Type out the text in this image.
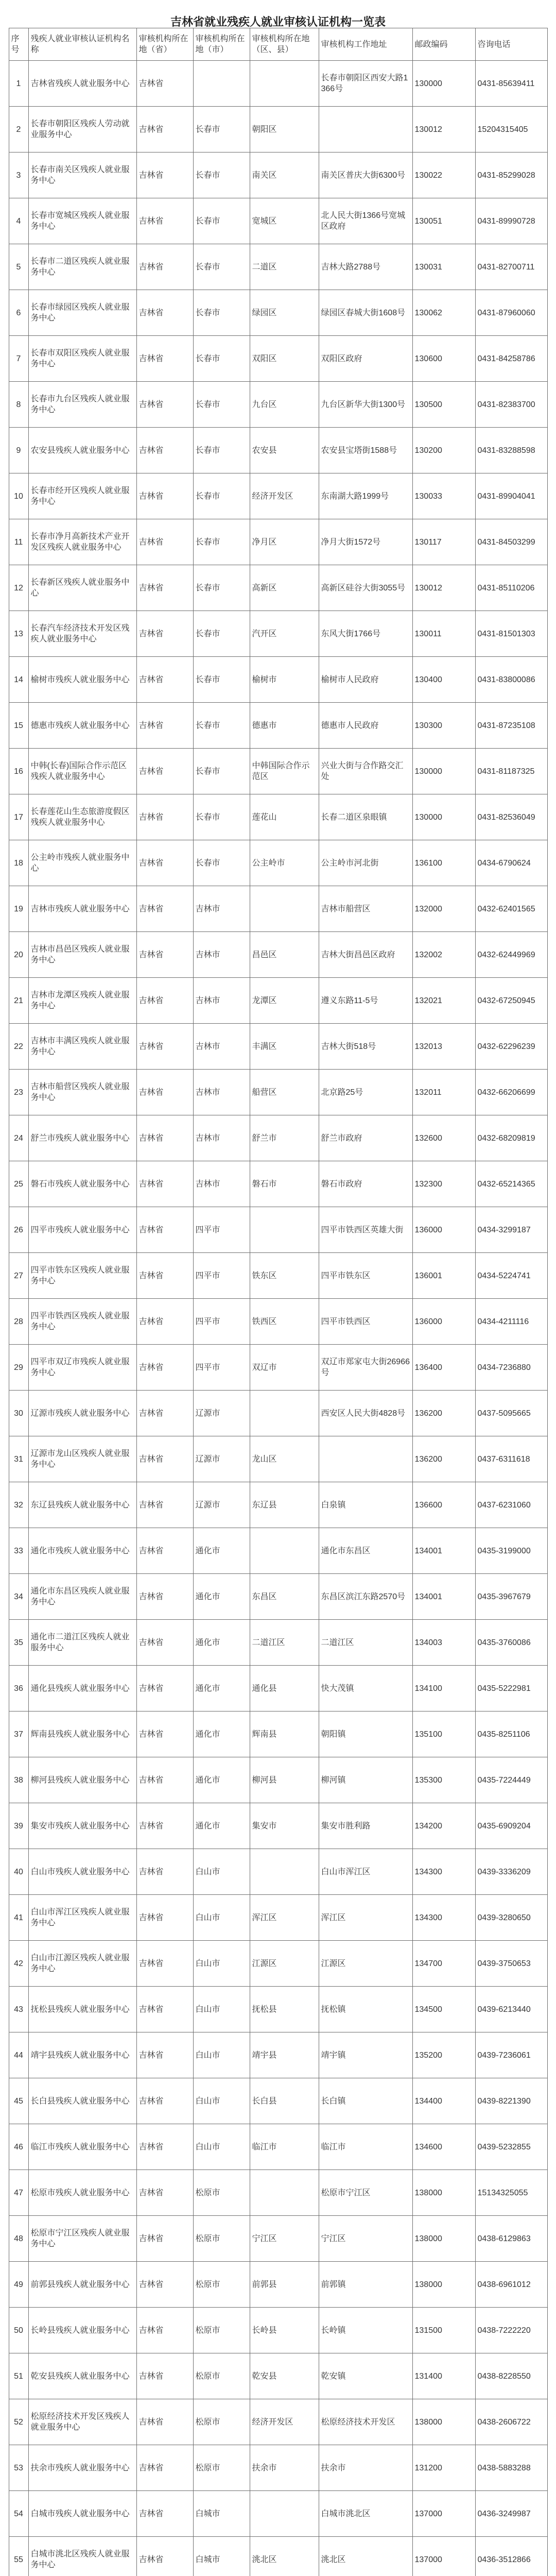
吉林省就业残疾人就业审核认证机构一览表
序号	残疾人就业审核认证机构名称	审核机构所在地（省）	审核机构所在地（市）	审核机构所在地（区、县）	审核机构工作地址	邮政编码	咨询电话
1	吉林省残疾人就业服务中心	吉林省			长春市朝阳区西安大路1366号	130000	0431-85639411
2	长春市朝阳区残疾人劳动就业服务中心	吉林省	长春市	朝阳区		130012	15204315405
3	长春市南关区残疾人就业服务中心	吉林省	长春市	南关区	南关区普庆大街6300号	130022	0431-85299028
4	长春市宽城区残疾人就业服务中心	吉林省	长春市	宽城区	北人民大街1366号宽城区政府	130051	0431-89990728
5	长春市二道区残疾人就业服务中心	吉林省	长春市	二道区	吉林大路2788号	130031	0431-82700711
6	长春市绿园区残疾人就业服务中心	吉林省	长春市	绿园区	绿园区春城大街1608号	130062	0431-87960060
7	长春市双阳区残疾人就业服务中心	吉林省	长春市	双阳区	双阳区政府	130600	0431-84258786
8	长春市九台区残疾人就业服务中心	吉林省	长春市	九台区	九台区新华大街1300号	130500	0431-82383700
9	农安县残疾人就业服务中心	吉林省	长春市	农安县	农安县宝塔街1588号	130200	0431-83288598
10	长春市经开区残疾人就业服务中心	吉林省	长春市	经济开发区	东南湖大路1999号	130033	0431-89904041
11	长春市净月高新技术产业开发区残疾人就业服务中心	吉林省	长春市	净月区	净月大街1572号	130117	0431-84503299
12	长春新区残疾人就业服务中心	吉林省	长春市	高新区	高新区硅谷大街3055号	130012	0431-85110206
13	长春汽车经济技术开发区残疾人就业服务中心	吉林省	长春市	汽开区	东风大街1766号	130011	0431-81501303
14	榆树市残疾人就业服务中心	吉林省	长春市	榆树市	榆树市人民政府	130400	0431-83800086
15	德惠市残疾人就业服务中心	吉林省	长春市	德惠市	德惠市人民政府	130300	0431-87235108
16	中韩(长春)国际合作示范区残疾人就业服务中心	吉林省	长春市	中韩国际合作示范区	兴业大街与合作路交汇处	130000	0431-81187325
17	长春莲花山生态旅游度假区残疾人就业服务中心	吉林省	长春市	莲花山	长春二道区泉眼镇	130000	0431-82536049
18	公主岭市残疾人就业服务中心	吉林省	长春市	公主岭市	公主岭市河北街	136100	0434-6790624
19	吉林市残疾人就业服务中心	吉林省	吉林市		吉林市船营区	132000	0432-62401565
20	吉林市昌邑区残疾人就业服务中心	吉林省	吉林市	昌邑区	吉林大街昌邑区政府	132002	0432-62449969
21	吉林市龙潭区残疾人就业服务中心	吉林省	吉林市	龙潭区	遵义东路11-5号	132021	0432-67250945
22	吉林市丰满区残疾人就业服务中心	吉林省	吉林市	丰满区	吉林大街518号	132013	0432-62296239
23	吉林市船营区残疾人就业服务中心	吉林省	吉林市	船营区	北京路25号	132011	0432-66206699
24	舒兰市残疾人就业服务中心	吉林省	吉林市	舒兰市	舒兰市政府	132600	0432-68209819
25	磐石市残疾人就业服务中心	吉林省	吉林市	磐石市	磐石市政府	132300	0432-65214365
26	四平市残疾人就业服务中心	吉林省	四平市		四平市铁西区英雄大街	136000	0434-3299187
27	四平市铁东区残疾人就业服务中心	吉林省	四平市	铁东区	四平市铁东区	136001	0434-5224741
28	四平市铁西区残疾人就业服务中心	吉林省	四平市	铁西区	四平市铁西区	136000	0434-4211116
29	四平市双辽市残疾人就业服务中心	吉林省	四平市	双辽市	双辽市郑家屯大街26966号	136400	0434-7236880
30	辽源市残疾人就业服务中心	吉林省	辽源市		西安区人民大街4828号	136200	0437-5095665
31	辽源市龙山区残疾人就业服务中心	吉林省	辽源市	龙山区		136200	0437-6311618
32	东辽县残疾人就业服务中心	吉林省	辽源市	东辽县	白泉镇	136600	0437-6231060
33	通化市残疾人就业服务中心	吉林省	通化市		通化市东昌区	134001	0435-3199000
34	通化市东昌区残疾人就业服务中心	吉林省	通化市	东昌区	东昌区滨江东路2570号	134001	0435-3967679
35	通化市二道江区残疾人就业服务中心	吉林省	通化市	二道江区	二道江区	134003	0435-3760086
36	通化县残疾人就业服务中心	吉林省	通化市	通化县	快大茂镇	134100	0435-5222981
37	辉南县残疾人就业服务中心	吉林省	通化市	辉南县	朝阳镇	135100	0435-8251106
38	柳河县残疾人就业服务中心	吉林省	通化市	柳河县	柳河镇	135300	0435-7224449
39	集安市残疾人就业服务中心	吉林省	通化市	集安市	集安市胜利路	134200	0435-6909204
40	白山市残疾人就业服务中心	吉林省	白山市		白山市浑江区	134300	0439-3336209
41	白山市浑江区残疾人就业服务中心	吉林省	白山市	浑江区	浑江区	134300	0439-3280650
42	白山市江源区残疾人就业服务中心	吉林省	白山市	江源区	江源区	134700	0439-3750653
43	抚松县残疾人就业服务中心	吉林省	白山市	抚松县	抚松镇	134500	0439-6213440
44	靖宇县残疾人就业服务中心	吉林省	白山市	靖宇县	靖宇镇	135200	0439-7236061
45	长白县残疾人就业服务中心	吉林省	白山市	长白县	长白镇	134400	0439-8221390
46	临江市残疾人就业服务中心	吉林省	白山市	临江市	临江市	134600	0439-5232855
47	松原市残疾人就业服务中心	吉林省	松原市		松原市宁江区	138000	15134325055
48	松原市宁江区残疾人就业服务中心	吉林省	松原市	宁江区	宁江区	138000	0438-6129863
49	前郭县残疾人就业服务中心	吉林省	松原市	前郭县	前郭镇	138000	0438-6961012
50	长岭县残疾人就业服务中心	吉林省	松原市	长岭县	长岭镇	131500	0438-7222220
51	乾安县残疾人就业服务中心	吉林省	松原市	乾安县	乾安镇	131400	0438-8228550
52	松原经济技术开发区残疾人就业服务中心	吉林省	松原市	经济开发区	松原经济技术开发区	138000	0438-2606722
53	扶余市残疾人就业服务中心	吉林省	松原市	扶余市	扶余市	131200	0438-5883288
54	白城市残疾人就业服务中心	吉林省	白城市		白城市洮北区	137000	0436-3249987
55	白城市洮北区残疾人就业服务中心	吉林省	白城市	洮北区	洮北区	137000	0436-3512866
